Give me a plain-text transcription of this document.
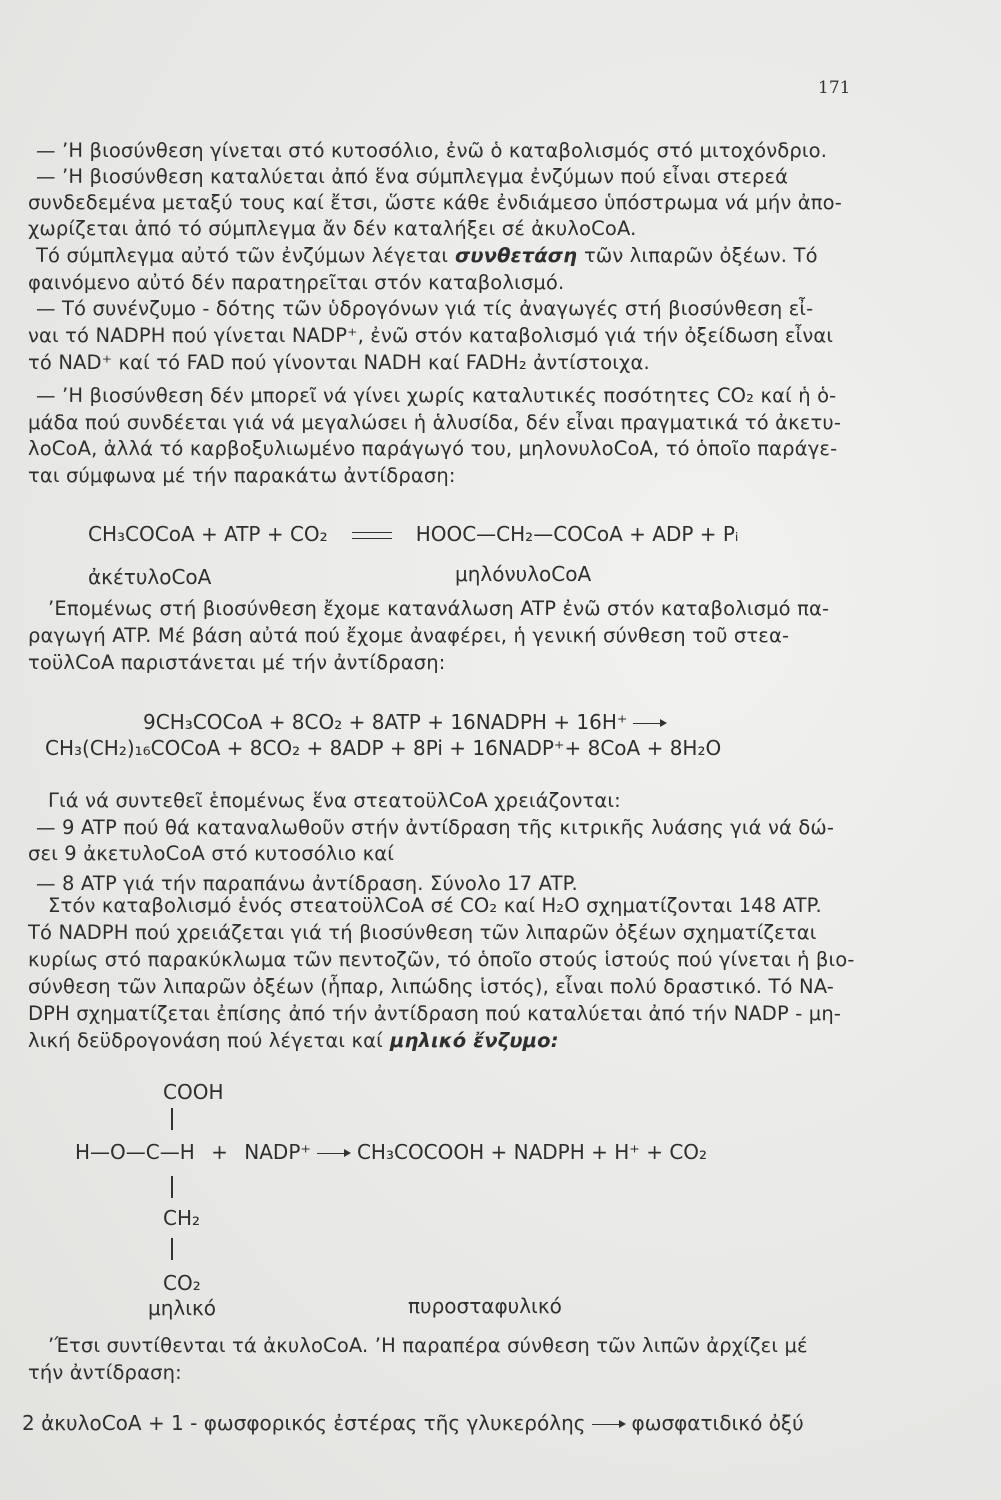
171
— ʼΗ βιοσύνθεση γίνεται στό κυτοσόλιο, ἐνῶ ὁ καταβολισμός στό μιτοχόνδριο.
— ʼΗ βιοσύνθεση καταλύεται ἀπό ἕνα σύμπλεγμα ἐνζύμων πού εἶναι στερεά
συνδεδεμένα μεταξύ τους καί ἔτσι, ὥστε κάθε ἐνδιάμεσο ὑπόστρωμα νά μήν ἀπο-
χωρίζεται ἀπό τό σύμπλεγμα ἄν δέν καταλήξει σέ ἀκυλοCoA.
Τό σύμπλεγμα αὐτό τῶν ἐνζύμων λέγεται συνθετάση τῶν λιπαρῶν ὀξέων. Τό
φαινόμενο αὐτό δέν παρατηρεῖται στόν καταβολισμό.
— Τό συνένζυμο - δότης τῶν ὑδρογόνων γιά τίς ἀναγωγές στή βιοσύνθεση εἶ-
ναι τό NADPH πού γίνεται NADP⁺, ἐνῶ στόν καταβολισμό γιά τήν ὀξείδωση εἶναι
τό NAD⁺ καί τό FAD πού γίνονται NADH καί FADH₂ ἀντίστοιχα.
— ʼΗ βιοσύνθεση δέν μπορεῖ νά γίνει χωρίς καταλυτικές ποσότητες CO₂ καί ἡ ὁ-
μάδα πού συνδέεται γιά νά μεγαλώσει ἡ ἁλυσίδα, δέν εἶναι πραγματικά τό ἀκετυ-
λοCoA, ἀλλά τό καρβοξυλιωμένο παράγωγό του, μηλονυλοCoA, τό ὁποῖο παράγε-
ται σύμφωνα μέ τήν παρακάτω ἀντίδραση:
ʼΕπομένως στή βιοσύνθεση ἔχομε κατανάλωση ATP ἐνῶ στόν καταβολισμό πα-
ραγωγή ATP. Μέ βάση αὐτά πού ἔχομε ἀναφέρει, ἡ γενική σύνθεση τοῦ στεα-
τοϋλCoA παριστάνεται μέ τήν ἀντίδραση:
Γιά νά συντεθεῖ ἑπομένως ἕνα στεατοϋλCoA χρειάζονται:
— 9 ATP πού θά καταναλωθοῦν στήν ἀντίδραση τῆς κιτρικῆς λυάσης γιά νά δώ-
σει 9 ἀκετυλοCoA στό κυτοσόλιο καί
— 8 ATP γιά τήν παραπάνω ἀντίδραση. Σύνολο 17 ATP.
Στόν καταβολισμό ἑνός στεατοϋλCoA σέ CO₂ καί H₂O σχηματίζονται 148 ATP.
Τό NADPH πού χρειάζεται γιά τή βιοσύνθεση τῶν λιπαρῶν ὀξέων σχηματίζεται
κυρίως στό παρακύκλωμα τῶν πεντοζῶν, τό ὁποῖο στούς ἱστούς πού γίνεται ἡ βιο-
σύνθεση τῶν λιπαρῶν ὀξέων (ἧπαρ, λιπώδης ἱστός), εἶναι πολύ δραστικό. Τό NA-
DPH σχηματίζεται ἐπίσης ἀπό τήν ἀντίδραση πού καταλύεται ἀπό τήν NADP - μη-
λική δεϋδρογονάση πού λέγεται καί μηλικό ἔνζυμο:
ʼΈτσι συντίθενται τά ἀκυλοCoA. ʼΗ παραπέρα σύνθεση τῶν λιπῶν ἀρχίζει μέ
τήν ἀντίδραση:
CH₃COCoA + ATP + CO₂	HOOC—CH₂—COCoA + ADP + Pᵢ
ἀκέτυλοCoA	μηλόνυλοCoA
9CH₃COCoA + 8CO₂ + 8ATP + 16NADPH + 16H⁺
CH₃(CH₂)₁₆COCoA + 8CO₂ + 8ADP + 8Pi + 16NADP⁺+ 8CoA + 8H₂O
COOH
H—O—C—H + NADP⁺ CH₃COCOOH + NADPH + H⁺ + CO₂
CH₂
CO₂
μηλικό	πυροσταφυλικό
2 ἀκυλοCoA + 1 - φωσφορικός ἐστέρας τῆς γλυκερόλης φωσφατιδικό ὀξύ
